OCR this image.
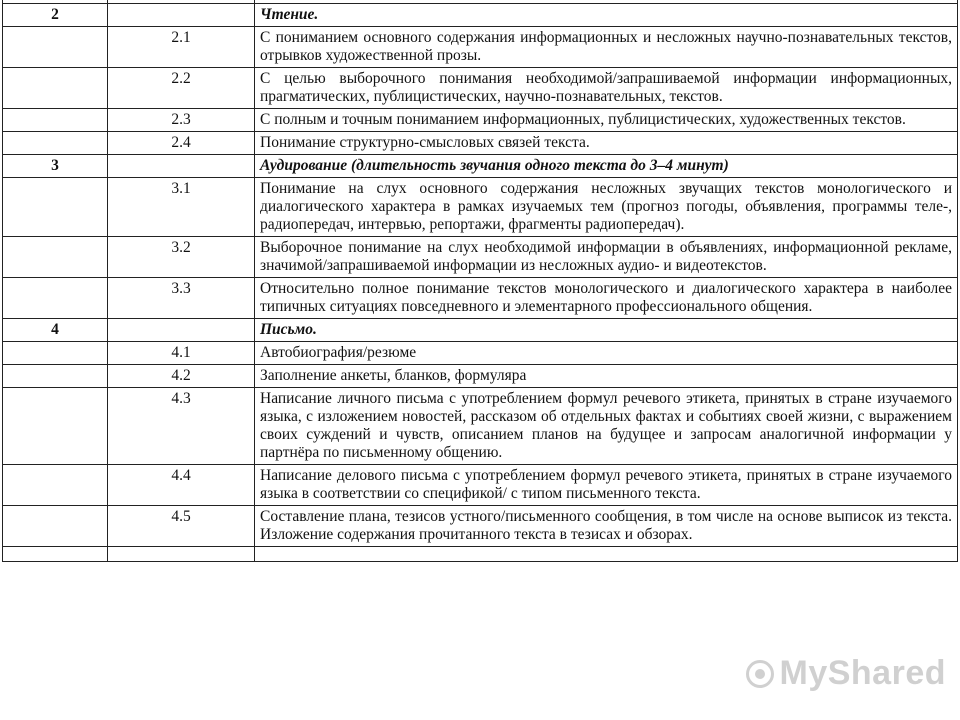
2		Чтение.
	2.1	С пониманием основного содержания информационных и несложных научно-познавательных текстов, отрывков художественной прозы.
	2.2	С целью выборочного понимания необходимой/запрашиваемой информации информационных, прагматических, публицистических, научно-познавательных, текстов.
	2.3	С полным и точным пониманием информационных, публицистических, художественных текстов.
	2.4	Понимание структурно-смысловых связей текста.
3		Аудирование (длительность звучания одного текста до 3–4 минут)
	3.1	Понимание на слух основного содержания несложных звучащих текстов монологического и диалогического характера в рамках изучаемых тем (прогноз погоды, объявления, программы теле-, радиопередач, интервью, репортажи, фрагменты радиопередач).
	3.2	Выборочное понимание на слух необходимой информации в объявлениях, информационной рекламе, значимой/запрашиваемой информации из несложных аудио- и видеотекстов.
	3.3	Относительно полное понимание текстов монологического и диалогического характера в наиболее типичных ситуациях повседневного и элементарного профессионального общения.
4		Письмо.
	4.1	Автобиография/резюме
	4.2	Заполнение анкеты, бланков, формуляра
	4.3	Написание личного письма с употреблением формул речевого этикета, принятых в стране изучаемого языка, с изложением новостей, рассказом об отдельных фактах и событиях своей жизни, с выражением своих суждений и чувств, описанием планов на будущее и запросам аналогичной информации у партнёра по письменному общению.
	4.4	Написание делового письма с употреблением формул речевого этикета, принятых в стране изучаемого языка в соответствии со спецификой/ с типом письменного текста.
	4.5	Составление плана, тезисов устного/письменного сообщения, в том числе на основе выписок из текста. Изложение содержания прочитанного текста в тезисах и обзорах.

MyShared
